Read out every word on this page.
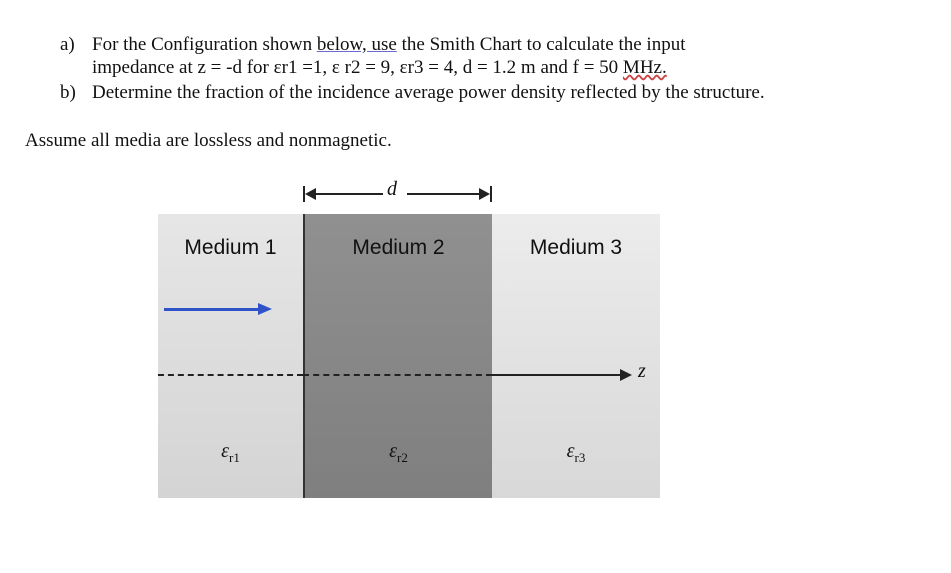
a) For the Configuration shown below, use the Smith Chart to calculate the input
impedance at z = -d for εr1 =1, ε r2 = 9, εr3 = 4, d = 1.2 m and f = 50 MHz.
b) Determine the fraction of the incidence average power density reflected by the structure.
Assume all media are lossless and nonmagnetic.
d
Medium 1
$\varepsilon_{r1}$
Medium 2
$\varepsilon_{r2}$
Medium 3
$\varepsilon_{r3}$
z
